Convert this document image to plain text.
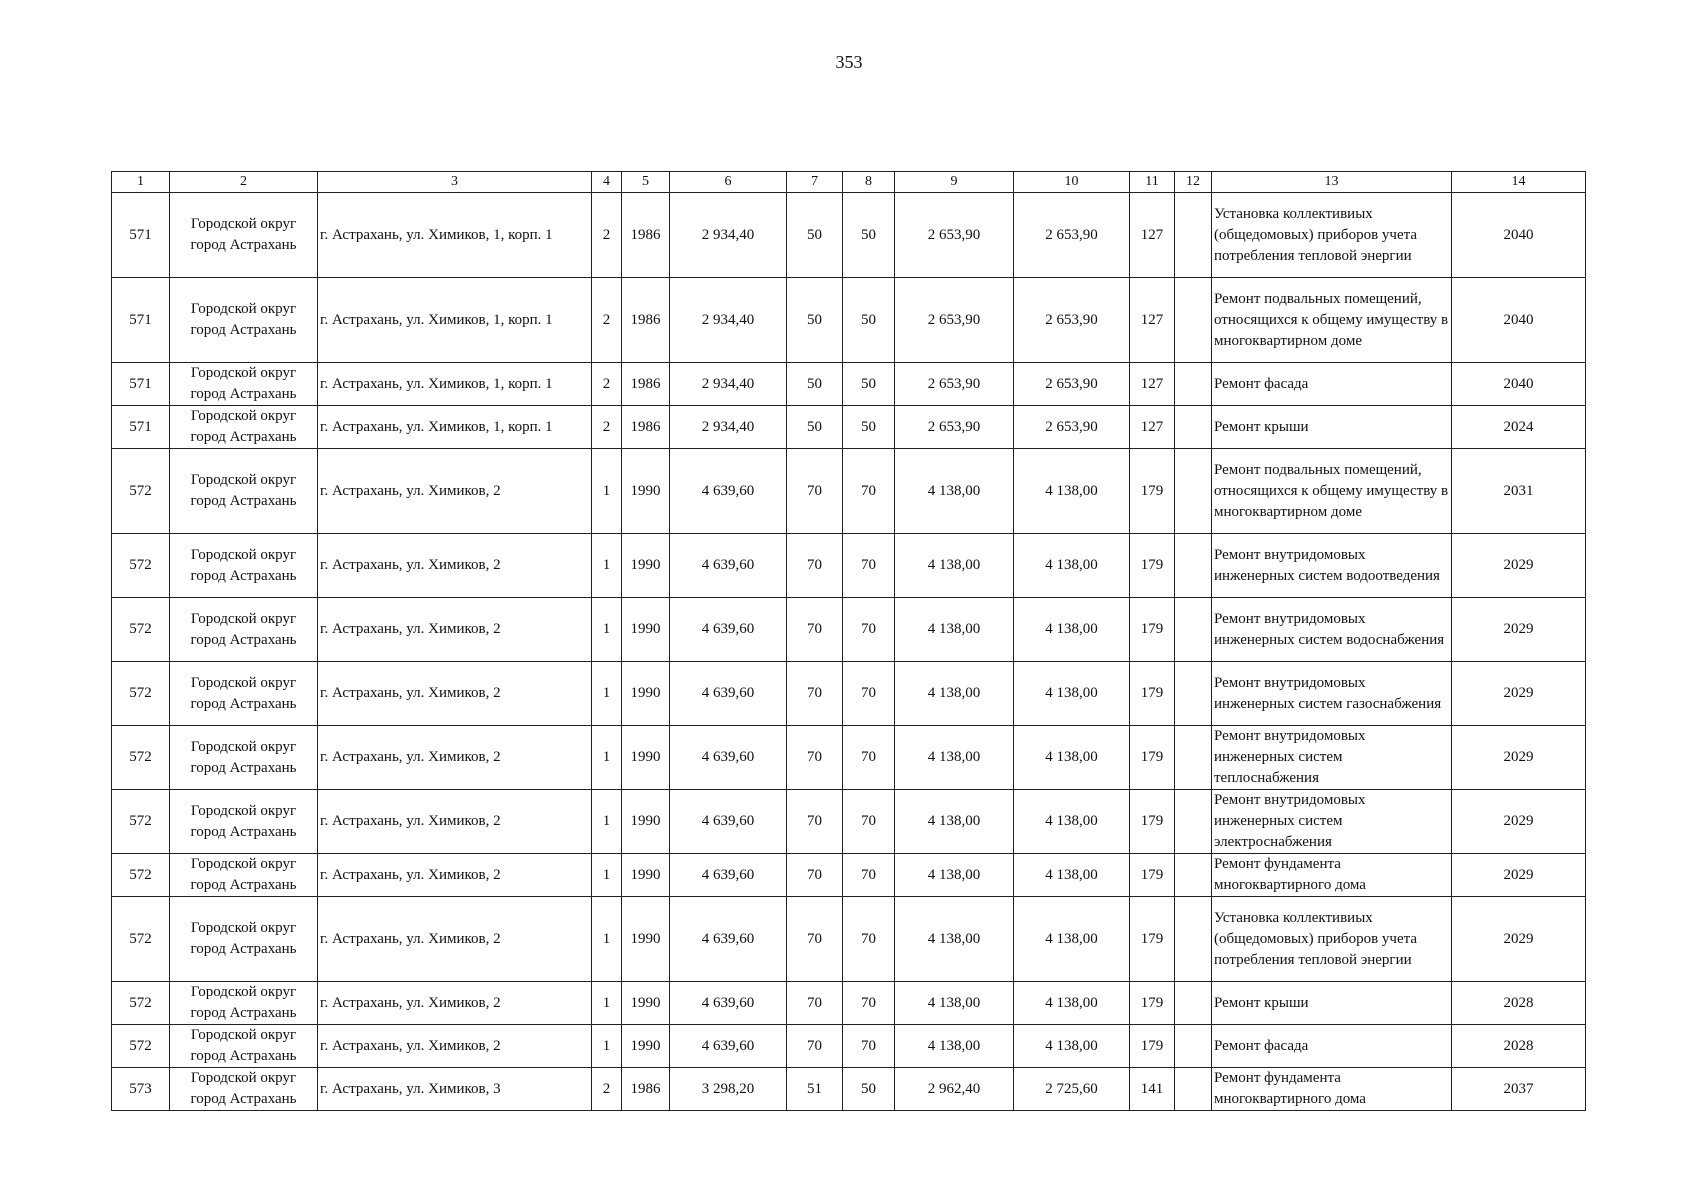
353
1	2	3	4	5	6	7	8	9	10	11	12	13	14
571	Городской округ город Астрахань	г. Астрахань, ул. Химиков, 1, корп. 1	2	1986	2 934,40	50	50	2 653,90	2 653,90	127		Установка коллективиых (общедомовых) приборов учета потребления тепловой энергии	2040
571	Городской округ город Астрахань	г. Астрахань, ул. Химиков, 1, корп. 1	2	1986	2 934,40	50	50	2 653,90	2 653,90	127		Ремонт подвальных помещений, относящихся к общему имуществу в многоквартирном доме	2040
571	Городской округ город Астрахань	г. Астрахань, ул. Химиков, 1, корп. 1	2	1986	2 934,40	50	50	2 653,90	2 653,90	127		Ремонт фасада	2040
571	Городской округ город Астрахань	г. Астрахань, ул. Химиков, 1, корп. 1	2	1986	2 934,40	50	50	2 653,90	2 653,90	127		Ремонт крыши	2024
572	Городской округ город Астрахань	г. Астрахань, ул. Химиков, 2	1	1990	4 639,60	70	70	4 138,00	4 138,00	179		Ремонт подвальных помещений, относящихся к общему имуществу в многоквартирном доме	2031
572	Городской округ город Астрахань	г. Астрахань, ул. Химиков, 2	1	1990	4 639,60	70	70	4 138,00	4 138,00	179		Ремонт внутридомовых инженерных систем водоотведения	2029
572	Городской округ город Астрахань	г. Астрахань, ул. Химиков, 2	1	1990	4 639,60	70	70	4 138,00	4 138,00	179		Ремонт внутридомовых инженерных систем водоснабжения	2029
572	Городской округ город Астрахань	г. Астрахань, ул. Химиков, 2	1	1990	4 639,60	70	70	4 138,00	4 138,00	179		Ремонт внутридомовых инженерных систем газоснабжения	2029
572	Городской округ город Астрахань	г. Астрахань, ул. Химиков, 2	1	1990	4 639,60	70	70	4 138,00	4 138,00	179		Ремонт внутридомовых инженерных систем теплоснабжения	2029
572	Городской округ город Астрахань	г. Астрахань, ул. Химиков, 2	1	1990	4 639,60	70	70	4 138,00	4 138,00	179		Ремонт внутридомовых инженерных систем электроснабжения	2029
572	Городской округ город Астрахань	г. Астрахань, ул. Химиков, 2	1	1990	4 639,60	70	70	4 138,00	4 138,00	179		Ремонт фундамента многоквартирного дома	2029
572	Городской округ город Астрахань	г. Астрахань, ул. Химиков, 2	1	1990	4 639,60	70	70	4 138,00	4 138,00	179		Установка коллективиых (общедомовых) приборов учета потребления тепловой энергии	2029
572	Городской округ город Астрахань	г. Астрахань, ул. Химиков, 2	1	1990	4 639,60	70	70	4 138,00	4 138,00	179		Ремонт крыши	2028
572	Городской округ город Астрахань	г. Астрахань, ул. Химиков, 2	1	1990	4 639,60	70	70	4 138,00	4 138,00	179		Ремонт фасада	2028
573	Городской округ город Астрахань	г. Астрахань, ул. Химиков, 3	2	1986	3 298,20	51	50	2 962,40	2 725,60	141		Ремонт фундамента многоквартирного дома	2037
